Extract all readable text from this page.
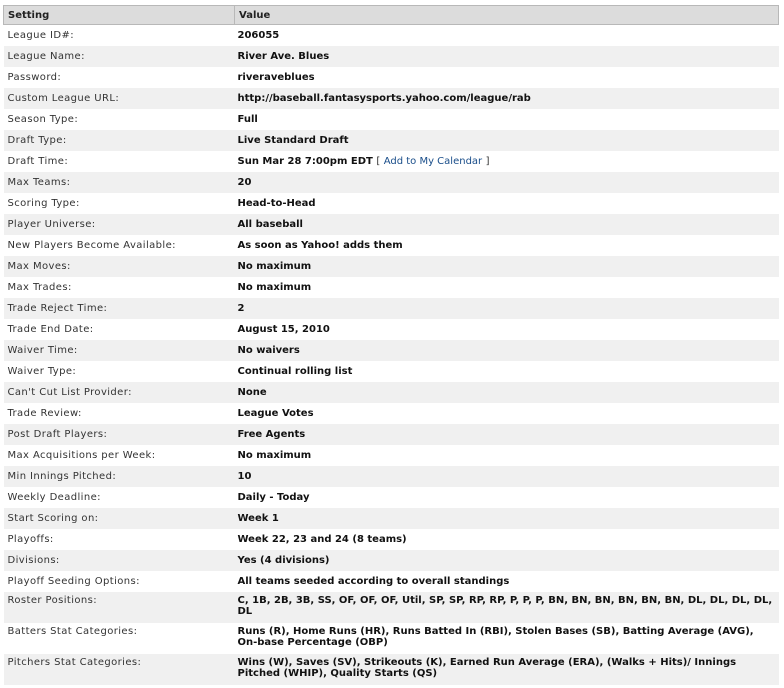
Setting	Value
League ID#:	206055
League Name:	River Ave. Blues
Password:	riveraveblues
Custom League URL:	http://baseball.fantasysports.yahoo.com/league/rab
Season Type:	Full
Draft Type:	Live Standard Draft
Draft Time:	Sun Mar 28 7:00pm EDT [ Add to My Calendar ]
Max Teams:	20
Scoring Type:	Head-to-Head
Player Universe:	All baseball
New Players Become Available:	As soon as Yahoo! adds them
Max Moves:	No maximum
Max Trades:	No maximum
Trade Reject Time:	2
Trade End Date:	August 15, 2010
Waiver Time:	No waivers
Waiver Type:	Continual rolling list
Can't Cut List Provider:	None
Trade Review:	League Votes
Post Draft Players:	Free Agents
Max Acquisitions per Week:	No maximum
Min Innings Pitched:	10
Weekly Deadline:	Daily - Today
Start Scoring on:	Week 1
Playoffs:	Week 22, 23 and 24 (8 teams)
Divisions:	Yes (4 divisions)
Playoff Seeding Options:	All teams seeded according to overall standings
Roster Positions:	C, 1B, 2B, 3B, SS, OF, OF, OF, Util, SP, SP, RP, RP, P, P, P, BN, BN, BN, BN, BN, BN, DL, DL, DL, DL, DL
Batters Stat Categories:	Runs (R), Home Runs (HR), Runs Batted In (RBI), Stolen Bases (SB), Batting Average (AVG), On-base Percentage (OBP)
Pitchers Stat Categories:	Wins (W), Saves (SV), Strikeouts (K), Earned Run Average (ERA), (Walks + Hits)/ Innings Pitched (WHIP), Quality Starts (QS)
